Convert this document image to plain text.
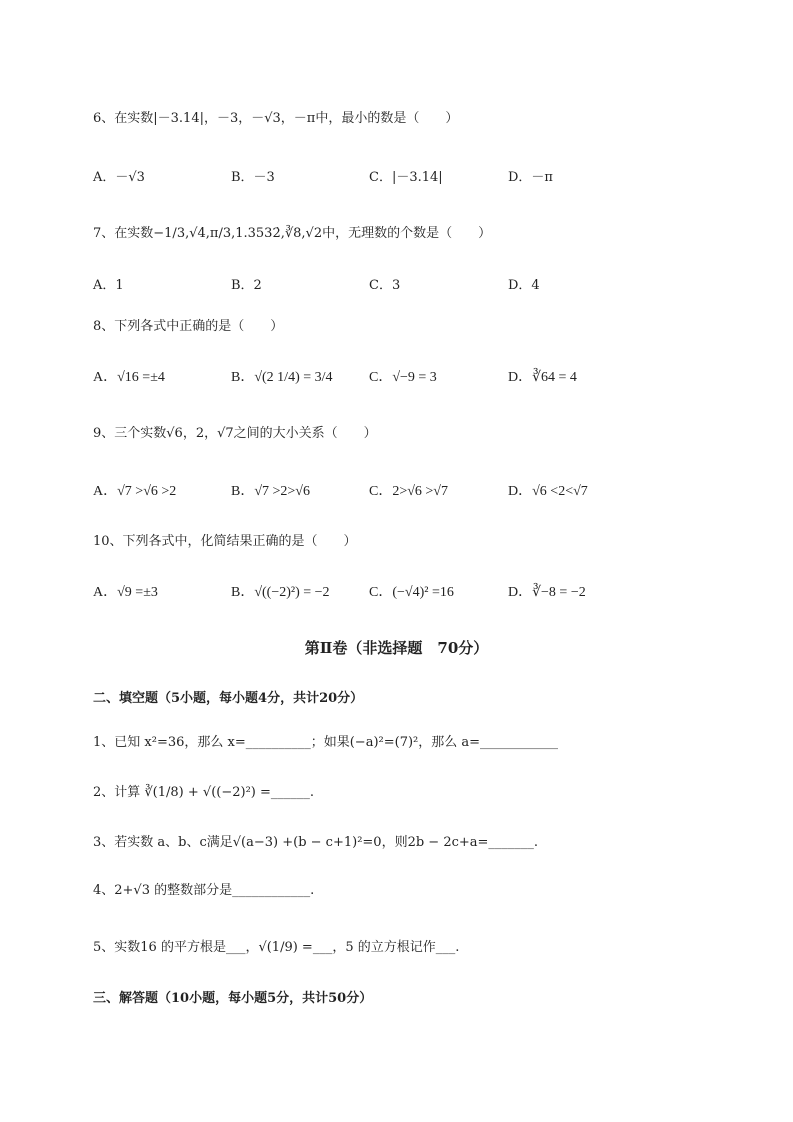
6、在实数|－3.14|，－3，－√3，－π中，最小的数是（　　）
A．－√3	B．－3	C．|－3.14|	D．－π
7、在实数−1/3,√4,π/3,1.3532̇,∛8,√2中，无理数的个数是（　　）
A．1	B．2	C．3	D．4
8、下列各式中正确的是（　　）
A．√16 =±4	B．√(2 1/4) = 3/4	C．√−9 = 3	D．∛64 = 4
9、三个实数√6，2，√7之间的大小关系（　　）
A．√7 >√6 >2	B．√7 >2>√6	C．2>√6 >√7	D．√6 <2<√7
10、下列各式中，化简结果正确的是（　　）
A．√9 =±3	B．√((−2)²) = −2	C．(−√4)² =16	D．∛−8 = −2
第Ⅱ卷（非选择题　70分）
二、填空题（5小题，每小题4分，共计20分）
1、已知 x²=36，那么 x=__________；如果(−a)²=(7)²，那么 a=____________
2、计算 ∛(1/8) + √((−2)²) =______.
3、若实数 a、b、c满足√(a−3) +(b − c+1)²=0，则2b − 2c+a=_______.
4、2+√3 的整数部分是____________.
5、实数16 的平方根是___，√(1/9) =___，5 的立方根记作___.
三、解答题（10小题，每小题5分，共计50分）
